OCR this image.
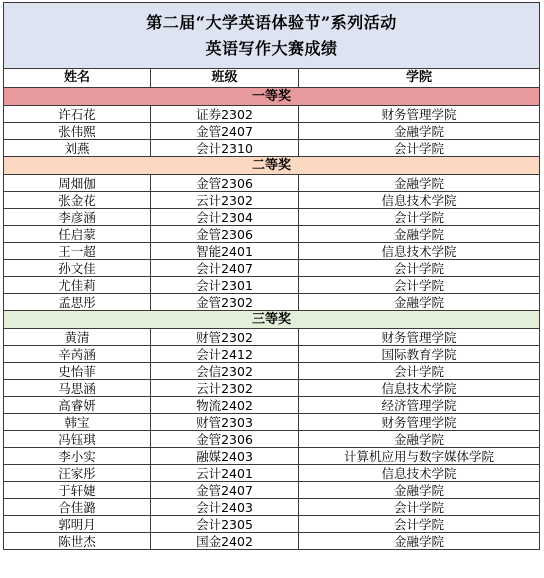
第二届“大学英语体验节”系列活动
英语写作大赛成绩		

姓名	班级	学院
一等奖		
许石花	证券2302	财务管理学院
张伟熙	金管2407	金融学院
刘燕	会计2310	会计学院
二等奖		
周畑伽	金管2306	金融学院
张金花	云计2302	信息技术学院
李彦涵	会计2304	会计学院
任启蒙	金管2306	金融学院
王一超	智能2401	信息技术学院
孙文佳	会计2407	会计学院
尤佳莉	会计2301	会计学院
孟思彤	金管2302	金融学院
三等奖		
黄清	财管2302	财务管理学院
辛芮涵	会计2412	国际教育学院
史怡菲	会信2302	会计学院
马思涵	云计2302	信息技术学院
高睿妍	物流2402	经济管理学院
韩宝	财管2303	财务管理学院
冯钰琪	金管2306	金融学院
李小实	融媒2403	计算机应用与数字媒体学院
汪家彤	云计2401	信息技术学院
于轩婕	金管2407	金融学院
合佳潞	会计2403	会计学院
郭明月	会计2305	会计学院
陈世杰	国金2402	金融学院
